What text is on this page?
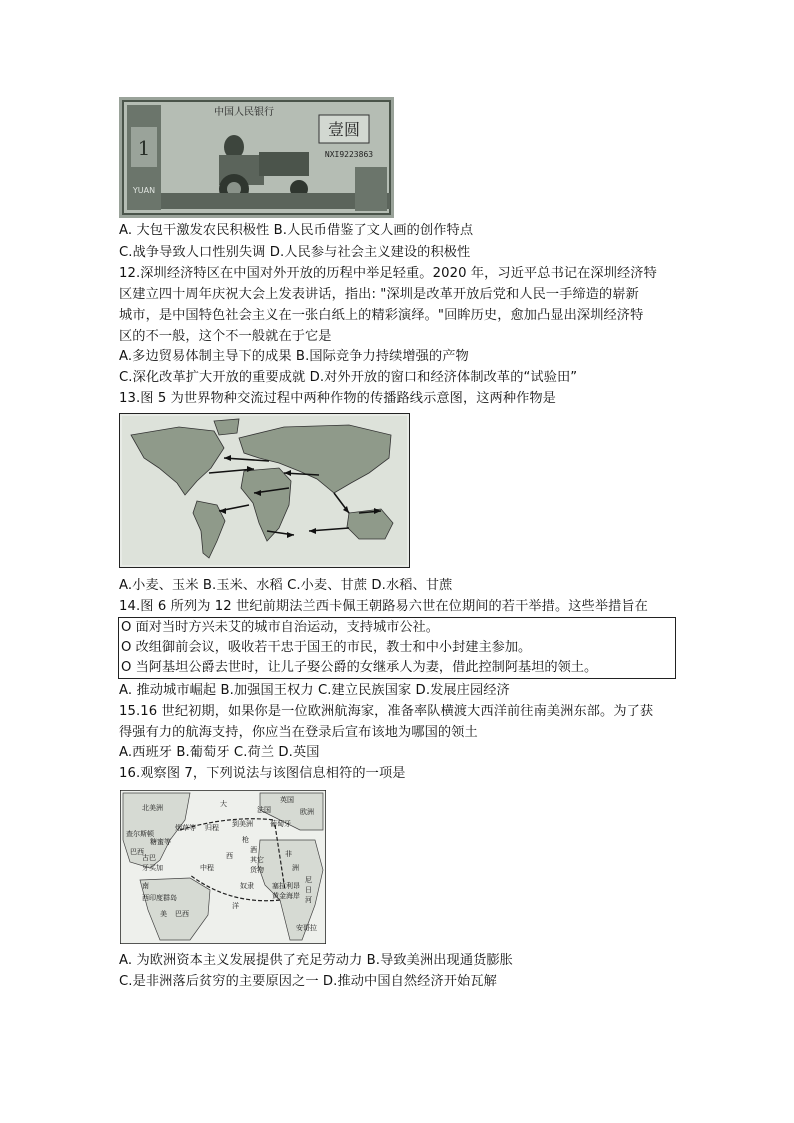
1
YUAN
中国人民银行
壹圆
NXI9223863
A. 大包干激发农民积极性 B.人民币借鉴了文人画的创作特点
C.战争导致人口性别失调 D.人民参与社会主义建设的积极性
12.深圳经济特区在中国对外开放的历程中举足轻重。2020 年，习近平总书记在深圳经济特
区建立四十周年庆祝大会上发表讲话，指出: "深圳是改革开放后党和人民一手缔造的崭新
城市，是中国特色社会主义在一张白纸上的精彩演绎。"回眸历史，愈加凸显出深圳经济特
区的不一般，这个不一般就在于它是
A.多边贸易体制主导下的成果 B.国际竞争力持续增强的产物
C.深化改革扩大开放的重要成就 D.对外开放的窗口和经济体制改革的“试验田”
13.图 5 为世界物种交流过程中两种作物的传播路线示意图，这两种作物是
A.小麦、玉米 B.玉米、水稻 C.小麦、甘蔗 D.水稻、甘蔗
14.图 6 所列为 12 世纪前期法兰西卡佩王朝路易六世在位期间的若干举措。这些举措旨在
O 面对当时方兴未艾的城市自治运动，支持城市公社。
O 改组御前会议，吸收若干忠于国王的市民，教士和中小封建主参加。
O 当阿基坦公爵去世时，让儿子娶公爵的女继承人为妻，借此控制阿基坦的领土。
A. 推动城市崛起 B.加强国王权力 C.建立民族国家 D.发展庄园经济
15.16 世纪初期，如果你是一位欧洲航海家，准备率队横渡大西洋前往南美洲东部。为了获
得强有力的航海支持，你应当在登录后宣布该地为哪国的领土
A.西班牙 B.葡萄牙 C.荷兰 D.英国
16.观察图 7，下列说法与该图信息相符的一项是
北美洲	大
法国
英国
欧洲
查尔斯顿
烟草等 归程 到美洲 葡萄牙
糖蜜等
巴西
古巴
牙买加	中程
西
洋
非
洲
尼
日
河
南
西印度群岛
美 巴西
塞拉利昂
黄金海岸
奴隶
安哥拉
枪
酒
其它
货物
A. 为欧洲资本主义发展提供了充足劳动力 B.导致美洲出现通货膨胀
C.是非洲落后贫穷的主要原因之一 D.推动中国自然经济开始瓦解
